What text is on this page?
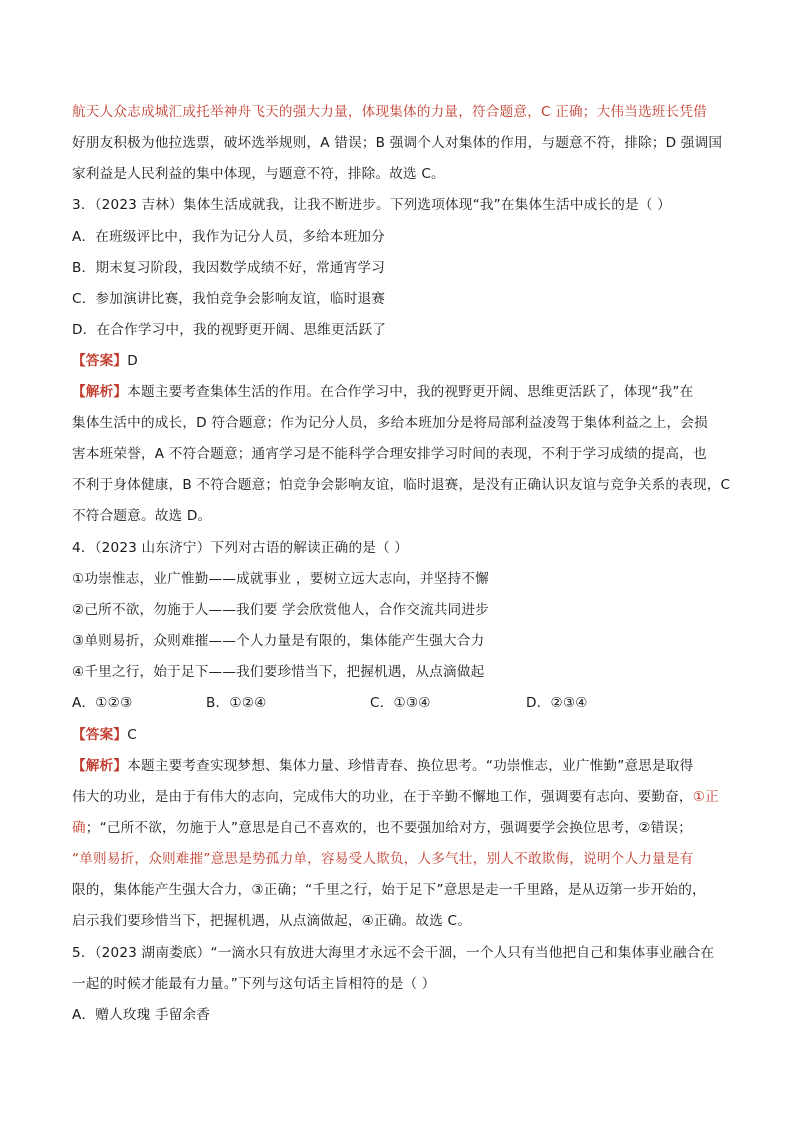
航天人众志成城汇成托举神舟飞天的强大力量，体现集体的力量，符合题意，C 正确；大伟当选班长凭借
好朋友积极为他拉选票，破坏选举规则，A 错误；B 强调个人对集体的作用，与题意不符，排除；D 强调国
家利益是人民利益的集中体现，与题意不符，排除。故选 C。
3．（2023 吉林）集体生活成就我，让我不断进步。下列选项体现“我”在集体生活中成长的是（ ）
A．在班级评比中，我作为记分人员，多给本班加分
B．期末复习阶段，我因数学成绩不好，常通宵学习
C．参加演讲比赛，我怕竞争会影响友谊，临时退赛
D．在合作学习中，我的视野更开阔、思维更活跃了
【答案】D
【解析】本题主要考查集体生活的作用。在合作学习中，我的视野更开阔、思维更活跃了，体现“我”在
集体生活中的成长，D 符合题意；作为记分人员，多给本班加分是将局部利益凌驾于集体利益之上，会损
害本班荣誉，A 不符合题意；通宵学习是不能科学合理安排学习时间的表现，不利于学习成绩的提高，也
不利于身体健康，B 不符合题意；怕竞争会影响友谊，临时退赛，是没有正确认识友谊与竞争关系的表现，C
不符合题意。故选 D。
4．（2023 山东济宁）下列对古语的解读正确的是（ ）
①功崇惟志，业广惟勤——成就事业 ，要树立远大志向，并坚持不懈
②己所不欲，勿施于人——我们要 学会欣赏他人，合作交流共同进步
③单则易折，众则难摧——个人力量是有限的，集体能产生强大合力
④千里之行，始于足下——我们要珍惜当下，把握机遇，从点滴做起
A．①②③	B．①②④	C．①③④	D．②③④
【答案】C
【解析】本题主要考查实现梦想、集体力量、珍惜青春、换位思考。“功崇惟志，业广惟勤”意思是取得
伟大的功业，是由于有伟大的志向，完成伟大的功业，在于辛勤不懈地工作，强调要有志向、要勤奋，①正
确；“己所不欲，勿施于人”意思是自己不喜欢的，也不要强加给对方，强调要学会换位思考，②错误；
“单则易折，众则难摧”意思是势孤力单，容易受人欺负，人多气壮，别人不敢欺侮，说明个人力量是有
限的，集体能产生强大合力，③正确；“千里之行，始于足下”意思是走一千里路，是从迈第一步开始的，
启示我们要珍惜当下，把握机遇，从点滴做起，④正确。故选 C。
5．（2023 湖南娄底）“一滴水只有放进大海里才永远不会干涸，一个人只有当他把自己和集体事业融合在
一起的时候才能最有力量。”下列与这句话主旨相符的是（ ）
A．赠人玫瑰 手留余香
